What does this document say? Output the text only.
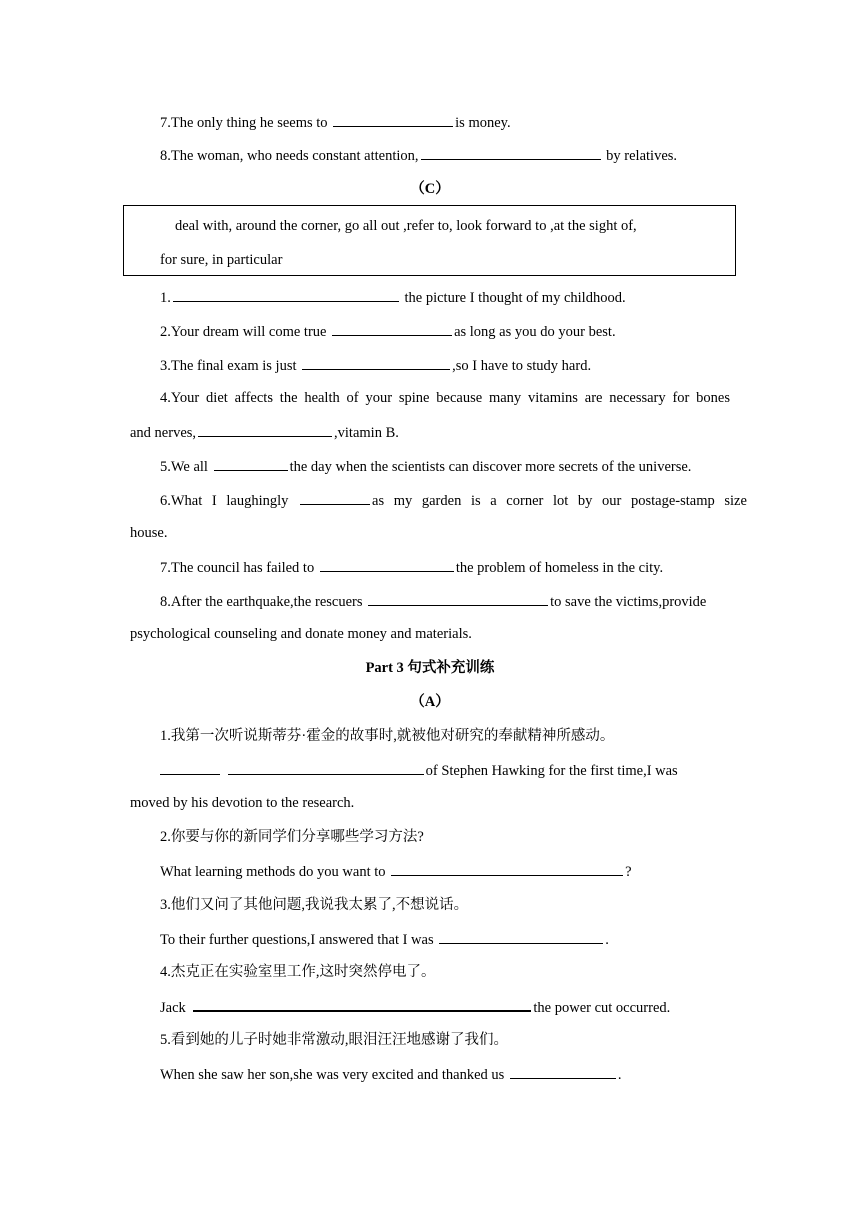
7.The only thing he seems to	is money.
8.The woman, who needs constant attention,	by relatives.
（C）
deal with, around the corner, go all out ,refer to, look forward to ,at the sight of,
for sure, in particular
1.	the picture I thought of my childhood.
2.Your dream will come true	as long as you do your best.
3.The final exam is just	,so I have to study hard.
4.Your diet affects the health of your spine because many vitamins are necessary for bones
and nerves,	,vitamin B.
5.We all	the day when the scientists can discover more secrets of the universe.
6.What I laughingly	as my garden is a corner lot by our postage-stamp size
house.
7.The council has failed to	the problem of homeless in the city.
8.After the earthquake,the rescuers	to save the victims,provide
psychological counseling and donate money and materials.
Part 3 句式补充训练
（A）
1.我第一次听说斯蒂芬·霍金的故事时,就被他对研究的奉献精神所感动。
of Stephen Hawking for the first time,I was
moved by his devotion to the research.
2.你要与你的新同学们分享哪些学习方法?
What learning methods do you want to	?
3.他们又问了其他问题,我说我太累了,不想说话。
To their further questions,I answered that I was	.
4.杰克正在实验室里工作,这时突然停电了。
Jack	the power cut occurred.
5.看到她的儿子时她非常激动,眼泪汪汪地感谢了我们。
When she saw her son,she was very excited and thanked us	.
